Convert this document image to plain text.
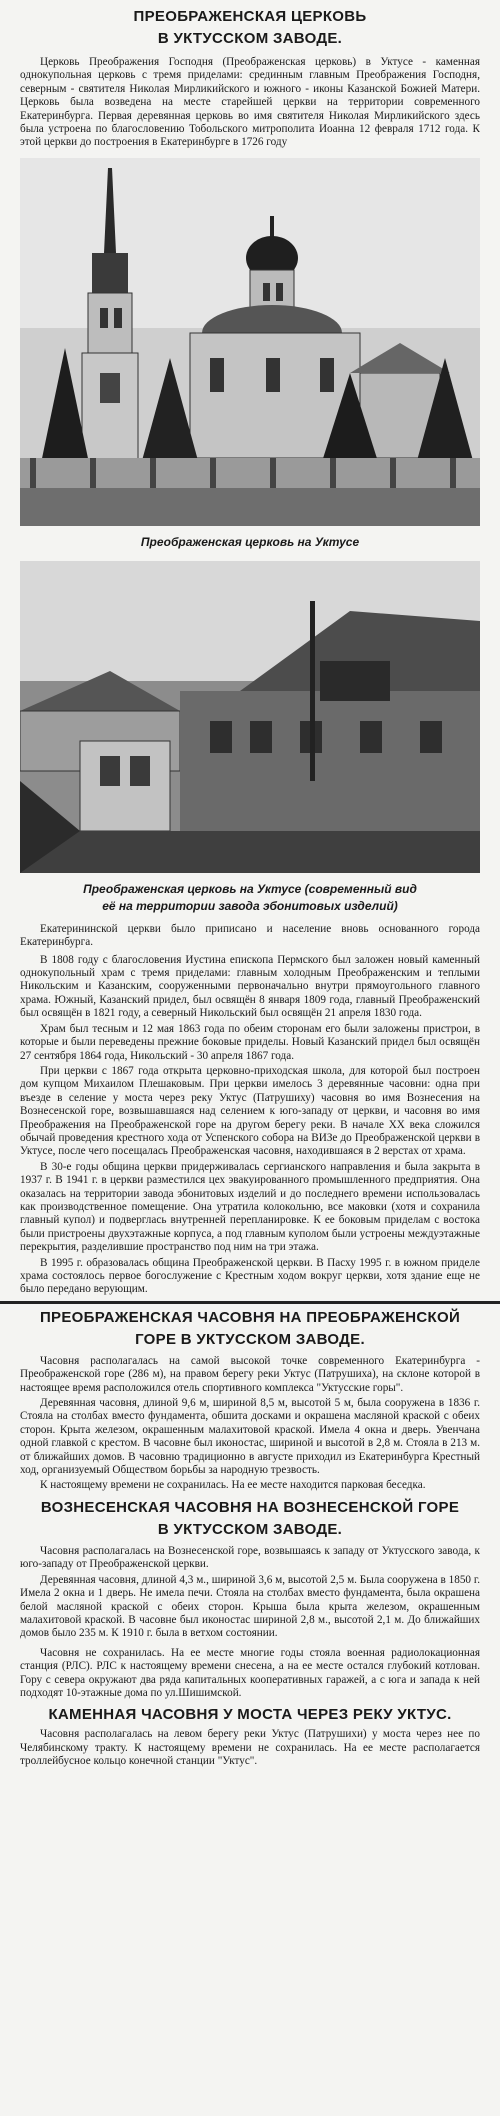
ПРЕОБРАЖЕНСКАЯ ЦЕРКОВЬ
В УКТУССКОМ ЗАВОДЕ.

Церковь Преображения Господня (Преображенская церковь) в Уктусе - каменная однокупольная церковь с тремя приделами: срединным главным Преображения Господня, северным - святителя Николая Мирликийского и южного - иконы Казанской Божией Матери. Церковь была возведена на месте старейшей церкви на территории современного Екатеринбурга. Первая деревянная церковь во имя святителя Николая Мирликийского здесь была устроена по благословению Тобольского митрополита Иоанна 12 февраля 1712 года. К этой церкви до построения в Екатеринбурге в 1726 году

Преображенская церковь на Уктусе
Преображенская церковь на Уктусе (современный вид
её на территории завода эбонитовых изделий)

Екатерининской церкви было приписано и население вновь основанного города Екатеринбурга.

В 1808 году с благословения Иустина епископа Пермского был заложен новый каменный однокупольный храм с тремя приделами: главным холодным Преображенским и теплыми Никольским и Казанским, сооруженными первоначально внутри прямоугольного главного храма. Южный, Казанский придел, был освящён 8 января 1809 года, главный Преображенский был освящён в 1821 году, а северный Никольский был освящён 21 апреля 1830 года.

Храм был тесным и 12 мая 1863 года по обеим сторонам его были заложены пристрои, в которые и были переведены прежние боковые приделы. Новый Казанский придел был освящён 27 сентября 1864 года, Никольский - 30 апреля 1867 года.

При церкви с 1867 года открыта церковно-приходская школа, для которой был построен дом купцом Михаилом Плешаковым. При церкви имелось 3 деревянные часовни: одна при въезде в селение у моста через реку Уктус (Патрушиху) часовня во имя Вознесения на Вознесенской горе, возвышавшаяся над селением к юго-западу от церкви, и часовня во имя Преображения на Преображенской горе на другом берегу реки. В начале XX века сложился обычай проведения крестного хода от Успенского собора на ВИЗе до Преображенской церкви в Уктусе, после чего посещалась Преображенская часовня, находившаяся в 2 верстах от храма.

В 30-е годы община церкви придерживалась сергианского направления и была закрыта в 1937 г. В 1941 г. в церкви разместился цех эвакуированного промышленного предприятия. Она оказалась на территории завода эбонитовых изделий и до последнего времени использовалась как производственное помещение. Она утратила колокольню, все маковки (хотя и сохранила главный купол) и подверглась внутренней перепланировке. К ее боковым приделам с востока были пристроены двухэтажные корпуса, а под главным куполом были устроены междуэтажные перекрытия, разделившие пространство под ним на три этажа.

В 1995 г. образовалась община Преображенской церкви. В Пасху 1995 г. в южном приделе храма состоялось первое богослужение с Крестным ходом вокруг церкви, хотя здание еще не было передано верующим.

ПРЕОБРАЖЕНСКАЯ ЧАСОВНЯ НА ПРЕОБРАЖЕНСКОЙ
ГОРЕ В УКТУССКОМ ЗАВОДЕ.

Часовня располагалась на самой высокой точке современного Екатеринбурга - Преображенской горе (286 м), на правом берегу реки Уктус (Патрушиха), на склоне которой в настоящее время расположился отель спортивного комплекса "Уктусские горы".

Деревянная часовня, длиной 9,6 м, шириной 8,5 м, высотой 5 м, была сооружена в 1836 г. Стояла на столбах вместо фундамента, обшита досками и окрашена масляной краской с обеих сторон. Крыта железом, окрашенным малахитовой краской. Имела 4 окна и дверь. Увенчана одной главкой с крестом. В часовне был иконостас, шириной и высотой в 2,8 м. Стояла в 213 м. от ближайших домов. В часовню традиционно в августе приходил из Екатеринбурга Крестный ход, организуемый Обществом борьбы за народную трезвость.

К настоящему времени не сохранилась. На ее месте находится парковая беседка.

ВОЗНЕСЕНСКАЯ ЧАСОВНЯ НА ВОЗНЕСЕНСКОЙ ГОРЕ
В УКТУССКОМ ЗАВОДЕ.

Часовня располагалась на Вознесенской горе, возвышаясь к западу от Уктусского завода, к юго-западу от Преображенской церкви.

Деревянная часовня, длиной 4,3 м., шириной 3,6 м, высотой 2,5 м. Была сооружена в 1850 г. Имела 2 окна и 1 дверь. Не имела печи. Стояла на столбах вместо фундамента, была окрашена белой масляной краской с обеих сторон. Крыша была крыта железом, окрашенным малахитовой краской. В часовне был иконостас шириной 2,8 м., высотой 2,1 м. До ближайших домов было 235 м. К 1910 г. была в ветхом состоянии.

Часовня не сохранилась. На ее месте многие годы стояла военная радиолокационная станция (РЛС). РЛС к настоящему времени снесена, а на ее месте остался глубокий котлован. Гору с севера окружают два ряда капитальных кооперативных гаражей, а с юга и запада к ней подходят 10-этажные дома по ул.Шишимской.

КАМЕННАЯ ЧАСОВНЯ У МОСТА ЧЕРЕЗ РЕКУ УКТУС.

Часовня располагалась на левом берегу реки Уктус (Патрушихи) у моста через нее по Челябинскому тракту. К настоящему времени не сохранилась. На ее месте располагается троллейбусное кольцо конечной станции "Уктус".
